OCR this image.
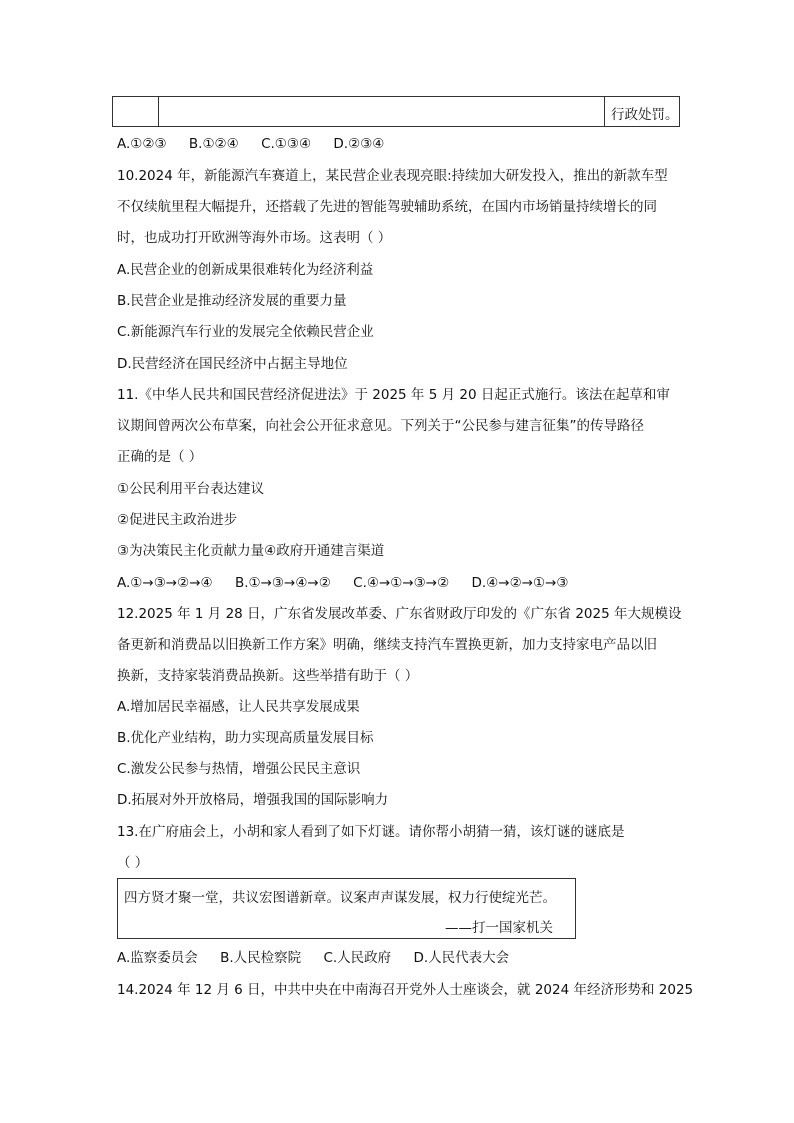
行政处罚。
A.①②③ B.①②④ C.①③④ D.②③④
10.2024 年，新能源汽车赛道上，某民营企业表现亮眼:持续加大研发投入，推出的新款车型
不仅续航里程大幅提升，还搭载了先进的智能驾驶辅助系统，在国内市场销量持续增长的同
时，也成功打开欧洲等海外市场。这表明（ ）
A.民营企业的创新成果很难转化为经济利益
B.民营企业是推动经济发展的重要力量
C.新能源汽车行业的发展完全依赖民营企业
D.民营经济在国民经济中占据主导地位
11.《中华人民共和国民营经济促进法》于 2025 年 5 月 20 日起正式施行。该法在起草和审
议期间曾两次公布草案，向社会公开征求意见。下列关于“公民参与建言征集”的传导路径
正确的是（ ）
①公民利用平台表达建议
②促进民主政治进步
③为决策民主化贡献力量④政府开通建言渠道
A.①→③→②→④ B.①→③→④→② C.④→①→③→② D.④→②→①→③
12.2025 年 1 月 28 日，广东省发展改革委、广东省财政厅印发的《广东省 2025 年大规模设
备更新和消费品以旧换新工作方案》明确，继续支持汽车置换更新，加力支持家电产品以旧
换新，支持家装消费品换新。这些举措有助于（ ）
A.增加居民幸福感，让人民共享发展成果
B.优化产业结构，助力实现高质量发展目标
C.激发公民参与热情，增强公民民主意识
D.拓展对外开放格局，增强我国的国际影响力
13.在广府庙会上，小胡和家人看到了如下灯谜。请你帮小胡猜一猜，该灯谜的谜底是
（ ）
四方贤才聚一堂，共议宏图谱新章。议案声声谋发展，权力行使绽光芒。
——打一国家机关
A.监察委员会 B.人民检察院 C.人民政府 D.人民代表大会
14.2024 年 12 月 6 日，中共中央在中南海召开党外人士座谈会，就 2024 年经济形势和 2025
